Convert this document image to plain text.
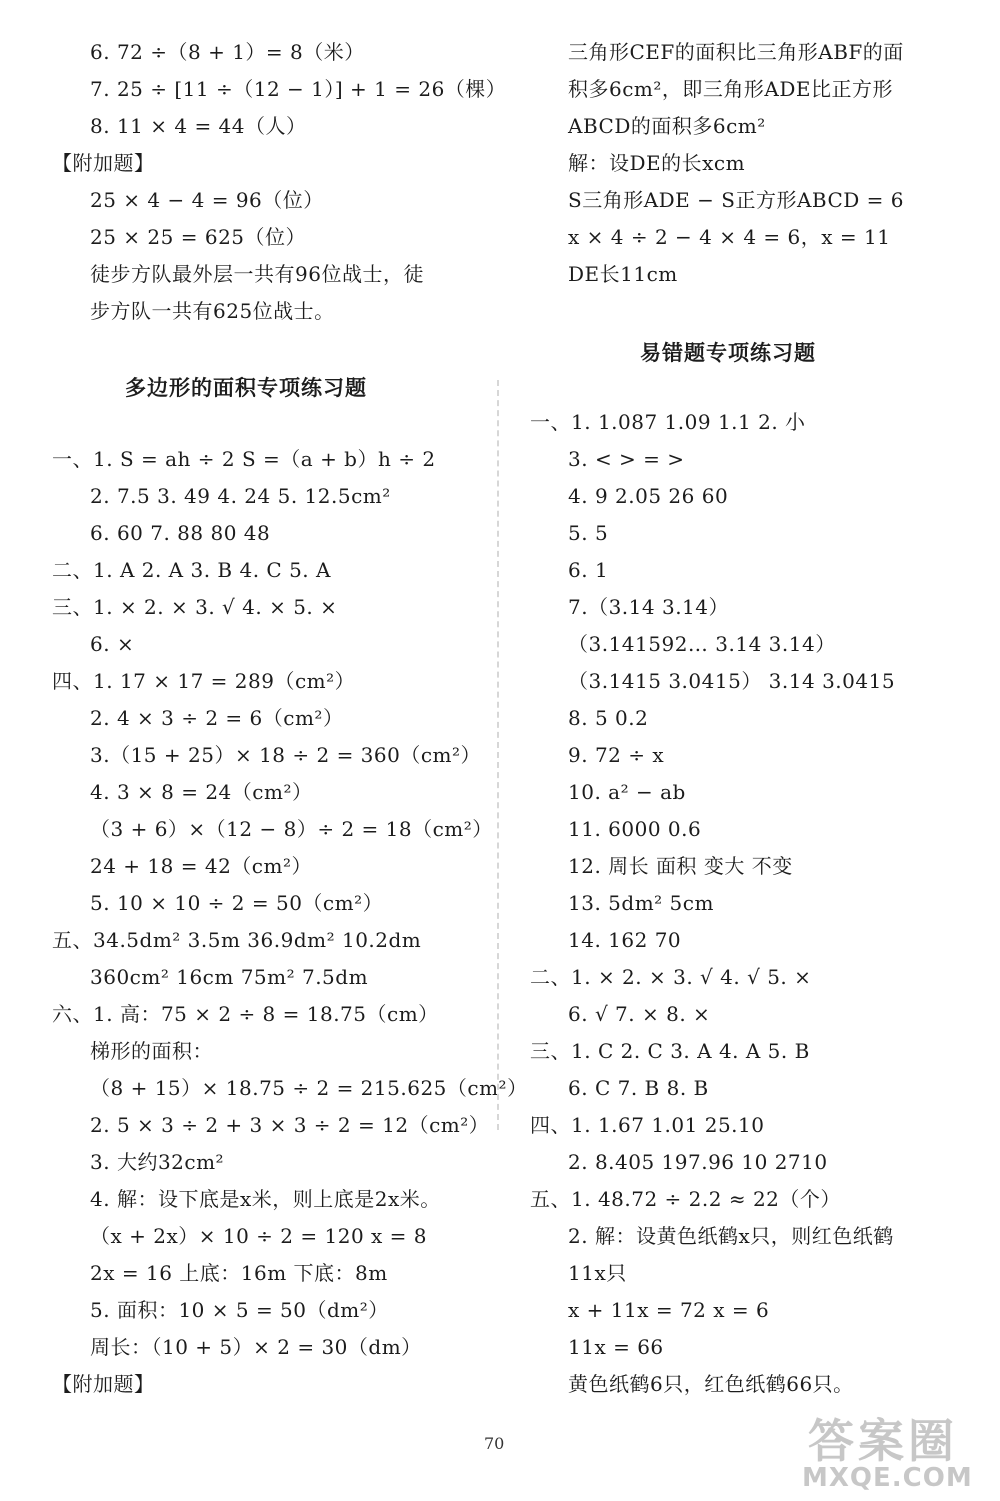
6. 72 ÷（8 + 1）= 8（米）
7. 25 ÷ [11 ÷（12 − 1）] + 1 = 26（棵）
8. 11 × 4 = 44（人）
【附加题】
25 × 4 − 4 = 96（位）
25 × 25 = 625（位）
徒步方队最外层一共有96位战士，徒
步方队一共有625位战士。
多边形的面积专项练习题
一、1. S = ah ÷ 2 S =（a + b）h ÷ 2
2. 7.5 3. 49 4. 24 5. 12.5cm²
6. 60 7. 88 80 48
二、1. A 2. A 3. B 4. C 5. A
三、1. × 2. × 3. √ 4. × 5. ×
6. ×
四、1. 17 × 17 = 289（cm²）
2. 4 × 3 ÷ 2 = 6（cm²）
3.（15 + 25）× 18 ÷ 2 = 360（cm²）
4. 3 × 8 = 24（cm²）
（3 + 6）×（12 − 8）÷ 2 = 18（cm²）
24 + 18 = 42（cm²）
5. 10 × 10 ÷ 2 = 50（cm²）
五、34.5dm² 3.5m 36.9dm² 10.2dm
360cm² 16cm 75m² 7.5dm
六、1. 高：75 × 2 ÷ 8 = 18.75（cm）
梯形的面积：
（8 + 15）× 18.75 ÷ 2 = 215.625（cm²）
2. 5 × 3 ÷ 2 + 3 × 3 ÷ 2 = 12（cm²）
3. 大约32cm²
4. 解：设下底是x米，则上底是2x米。
（x + 2x）× 10 ÷ 2 = 120 x = 8
2x = 16 上底：16m 下底：8m
5. 面积：10 × 5 = 50（dm²）
周长：（10 + 5）× 2 = 30（dm）
【附加题】
三角形CEF的面积比三角形ABF的面
积多6cm²，即三角形ADE比正方形
ABCD的面积多6cm²
解：设DE的长xcm
S三角形ADE − S正方形ABCD = 6
x × 4 ÷ 2 − 4 × 4 = 6，x = 11
DE长11cm
易错题专项练习题
一、1. 1.087 1.09 1.1 2. 小
3. < > = >
4. 9 2.05 26 60
5. 5
6. 1
7.（3.14 3.14）
（3.141592… 3.14 3.14）
（3.1415 3.0415） 3.14 3.0415
8. 5 0.2
9. 72 ÷ x
10. a² − ab
11. 6000 0.6
12. 周长 面积 变大 不变
13. 5dm² 5cm
14. 162 70
二、1. × 2. × 3. √ 4. √ 5. ×
6. √ 7. × 8. ×
三、1. C 2. C 3. A 4. A 5. B
6. C 7. B 8. B
四、1. 1.67 1.01 25.10
2. 8.405 197.96 10 2710
五、1. 48.72 ÷ 2.2 ≈ 22（个）
2. 解：设黄色纸鹤x只，则红色纸鹤
11x只
x + 11x = 72 x = 6
11x = 66
黄色纸鹤6只，红色纸鹤66只。
70	答案圈
MXQE.COM
